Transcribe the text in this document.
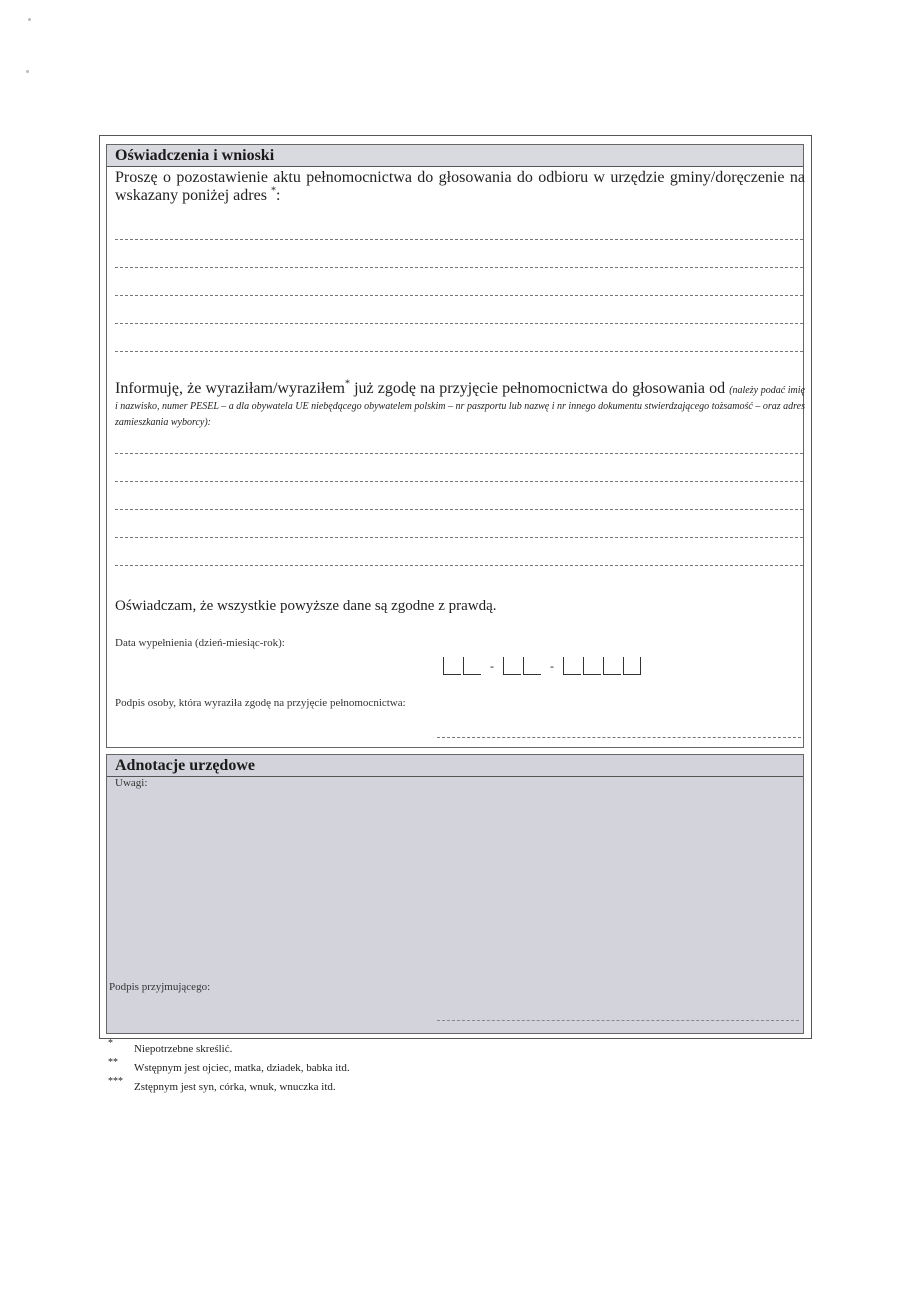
Oświadczenia i wnioski
Proszę o pozostawienie aktu pełnomocnictwa do głosowania do odbioru w urzędzie gminy/doręczenie na wskazany poniżej adres *:
Informuję, że wyraziłam/wyraziłem* już zgodę na przyjęcie pełnomocnictwa do głosowania od (należy podać imię i nazwisko, numer PESEL – a dla obywatela UE niebędącego obywatelem polskim – nr paszportu lub nazwę i nr innego dokumentu stwierdzającego tożsamość – oraz adres zamieszkania wyborcy):
Oświadczam, że wszystkie powyższe dane są zgodne z prawdą.
Data wypełnienia (dzień-miesiąc-rok):
-	-
Podpis osoby, która wyraziła zgodę na przyjęcie pełnomocnictwa:
Adnotacje urzędowe
Uwagi:
Podpis przyjmującego:
* Niepotrzebne skreślić.
** Wstępnym jest ojciec, matka, dziadek, babka itd.
*** Zstępnym jest syn, córka, wnuk, wnuczka itd.
